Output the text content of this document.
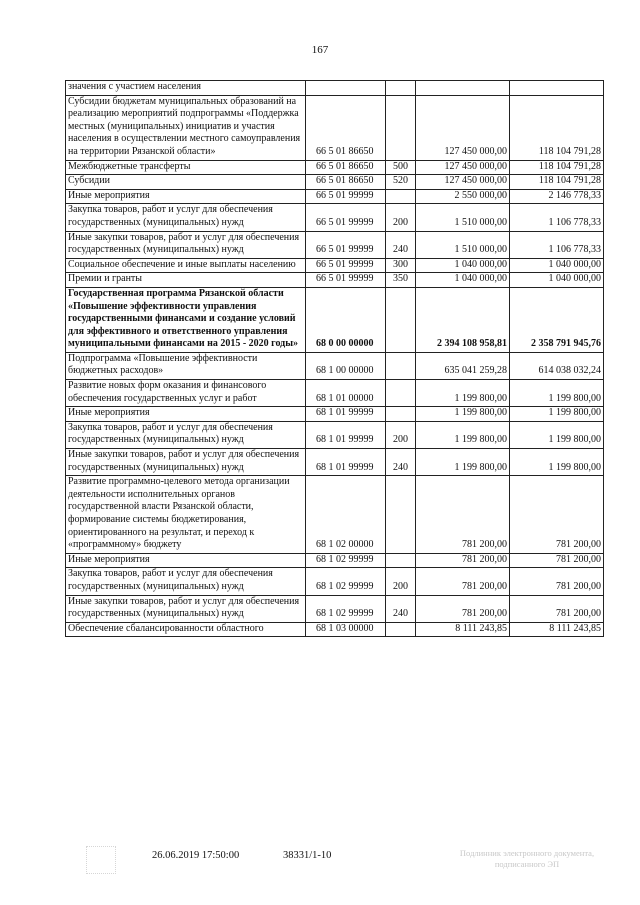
167
значения с участием населения				
Субсидии бюджетам муниципальных образований на реализацию мероприятий подпрограммы «Поддержка местных (муниципальных) инициатив и участия населения в осуществлении местного самоуправления на территории Рязанской области»	66 5 01 86650		127 450 000,00	118 104 791,28
Межбюджетные трансферты	66 5 01 86650	500	127 450 000,00	118 104 791,28
Субсидии	66 5 01 86650	520	127 450 000,00	118 104 791,28
Иные мероприятия	66 5 01 99999		2 550 000,00	2 146 778,33
Закупка товаров, работ и услуг для обеспечения государственных (муниципальных) нужд	66 5 01 99999	200	1 510 000,00	1 106 778,33
Иные закупки товаров, работ и услуг для обеспечения государственных (муниципальных) нужд	66 5 01 99999	240	1 510 000,00	1 106 778,33
Социальное обеспечение и иные выплаты населению	66 5 01 99999	300	1 040 000,00	1 040 000,00
Премии и гранты	66 5 01 99999	350	1 040 000,00	1 040 000,00
Государственная программа Рязанской области «Повышение эффективности управления государственными финансами и создание условий для эффективного и ответственного управления муниципальными финансами на 2015 - 2020 годы»	68 0 00 00000		2 394 108 958,81	2 358 791 945,76
Подпрограмма «Повышение эффективности бюджетных расходов»	68 1 00 00000		635 041 259,28	614 038 032,24
Развитие новых форм оказания и финансового обеспечения государственных услуг и работ	68 1 01 00000		1 199 800,00	1 199 800,00
Иные мероприятия	68 1 01 99999		1 199 800,00	1 199 800,00
Закупка товаров, работ и услуг для обеспечения государственных (муниципальных) нужд	68 1 01 99999	200	1 199 800,00	1 199 800,00
Иные закупки товаров, работ и услуг для обеспечения государственных (муниципальных) нужд	68 1 01 99999	240	1 199 800,00	1 199 800,00
Развитие программно-целевого метода организации деятельности исполнительных органов государственной власти Рязанской области, формирование системы бюджетирования, ориентированного на результат, и переход к «программному» бюджету	68 1 02 00000		781 200,00	781 200,00
Иные мероприятия	68 1 02 99999		781 200,00	781 200,00
Закупка товаров, работ и услуг для обеспечения государственных (муниципальных) нужд	68 1 02 99999	200	781 200,00	781 200,00
Иные закупки товаров, работ и услуг для обеспечения государственных (муниципальных) нужд	68 1 02 99999	240	781 200,00	781 200,00
Обеспечение сбалансированности областного	68 1 03 00000		8 111 243,85	8 111 243,85
26.06.2019 17:50:00	38331/1-10	Подлинник электронного документа, подписанного ЭП
